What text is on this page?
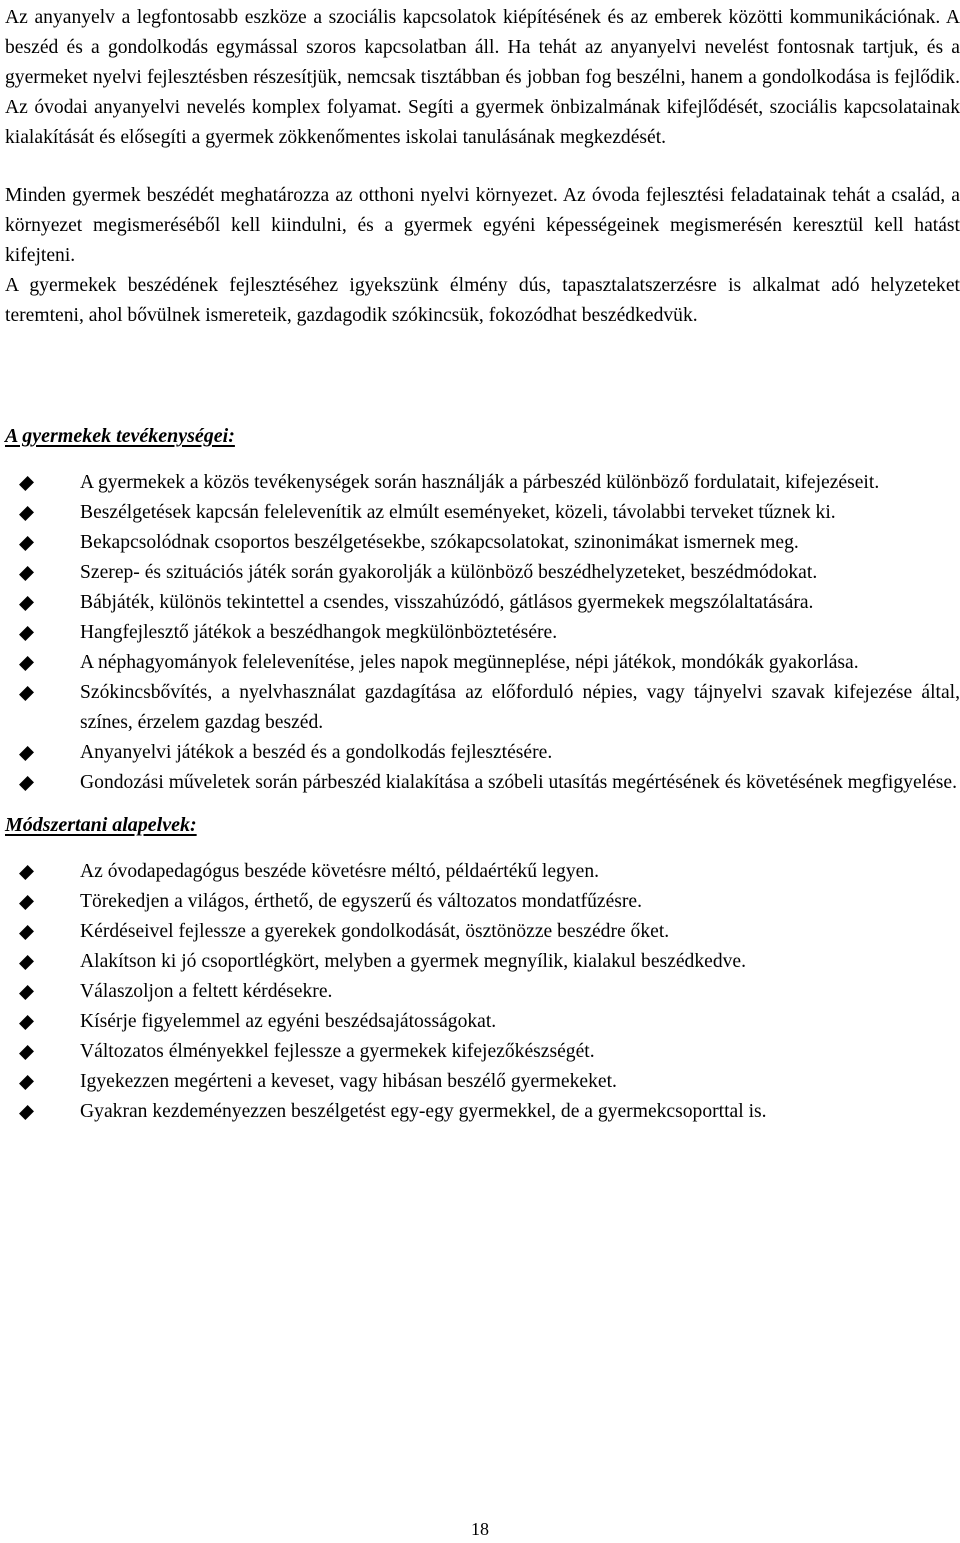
Az anyanyelv a legfontosabb eszköze a szociális kapcsolatok kiépítésének és az emberek közötti kommunikációnak. A beszéd és a gondolkodás egymással szoros kapcsolatban áll. Ha tehát az anyanyelvi nevelést fontosnak tartjuk, és a gyermeket nyelvi fejlesztésben részesítjük, nemcsak tisztábban és jobban fog beszélni, hanem a gondolkodása is fejlődik. Az óvodai anyanyelvi nevelés komplex folyamat. Segíti a gyermek önbizalmának kifejlődését, szociális kapcsolatainak kialakítását és elősegíti a gyermek zökkenőmentes iskolai tanulásának megkezdését.

Minden gyermek beszédét meghatározza az otthoni nyelvi környezet. Az óvoda fejlesztési feladatainak tehát a család, a környezet megismeréséből kell kiindulni, és a gyermek egyéni képességeinek megismerésén keresztül kell hatást kifejteni.

A gyermekek beszédének fejlesztéséhez igyekszünk élmény dús, tapasztalatszerzésre is alkalmat adó helyzeteket teremteni, ahol bővülnek ismereteik, gazdagodik szókincsük, fokozódhat beszédkedvük.

A gyermekek tevékenységei:
A gyermekek a közös tevékenységek során használják a párbeszéd különböző fordulatait, kifejezéseit.
Beszélgetések kapcsán felelevenítik az elmúlt eseményeket, közeli, távolabbi terveket tűznek ki.
Bekapcsolódnak csoportos beszélgetésekbe, szókapcsolatokat, szinonimákat ismernek meg.
Szerep- és szituációs játék során gyakorolják a különböző beszédhelyzeteket, beszédmódokat.
Bábjáték, különös tekintettel a csendes, visszahúzódó, gátlásos gyermekek megszólaltatására.
Hangfejlesztő játékok a beszédhangok megkülönböztetésére.
A néphagyományok felelevenítése, jeles napok megünneplése, népi játékok, mondókák gyakorlása.
Szókincsbővítés, a nyelvhasználat gazdagítása az előforduló népies, vagy tájnyelvi szavak kifejezése által, színes, érzelem gazdag beszéd.
Anyanyelvi játékok a beszéd és a gondolkodás fejlesztésére.
Gondozási műveletek során párbeszéd kialakítása a szóbeli utasítás megértésének és követésének megfigyelése.
Módszertani alapelvek:
Az óvodapedagógus beszéde követésre méltó, példaértékű legyen.
Törekedjen a világos, érthető, de egyszerű és változatos mondatfűzésre.
Kérdéseivel fejlessze a gyerekek gondolkodását, ösztönözze beszédre őket.
Alakítson ki jó csoportlégkört, melyben a gyermek megnyílik, kialakul beszédkedve.
Válaszoljon a feltett kérdésekre.
Kísérje figyelemmel az egyéni beszédsajátosságokat.
Változatos élményekkel fejlessze a gyermekek kifejezőkészségét.
Igyekezzen megérteni a keveset, vagy hibásan beszélő gyermekeket.
Gyakran kezdeményezzen beszélgetést egy-egy gyermekkel, de a gyermekcsoporttal is.
18
